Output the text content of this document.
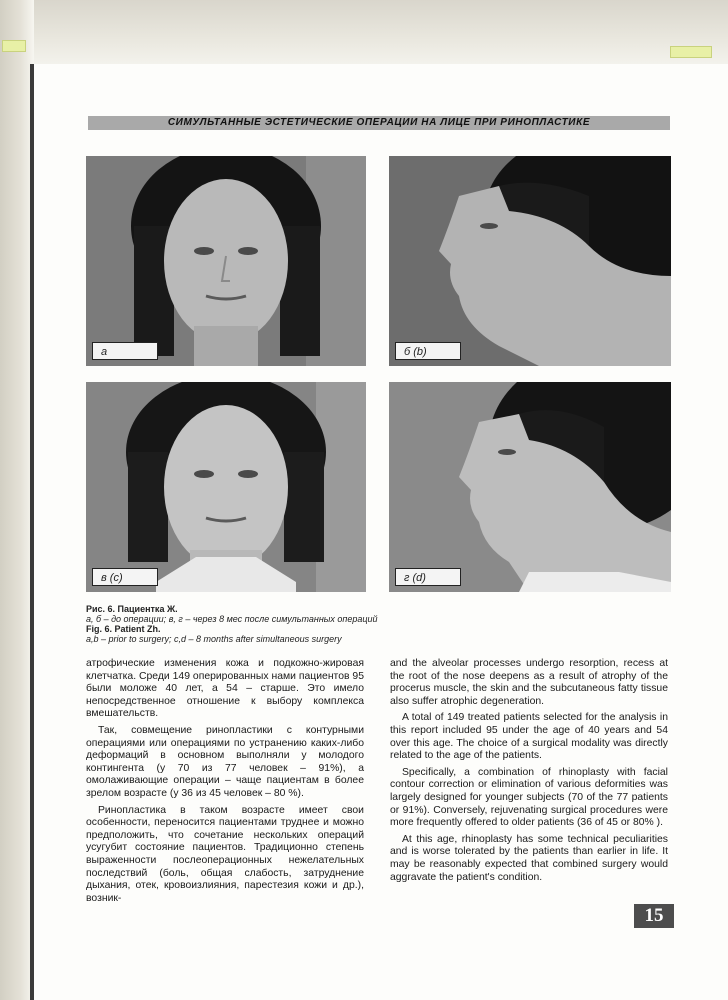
СИМУЛЬТАННЫЕ ЭСТЕТИЧЕСКИЕ ОПЕРАЦИИ НА ЛИЦЕ ПРИ РИНОПЛАСТИКЕ
а	б (b)
в (с)	г (d)
Рис. 6. Пациентка Ж.
а, б – до операции; в, г – через 8 мес после симультанных операций
Fig. 6. Patient Zh.
a,b – prior to surgery; c,d – 8 months after simultaneous surgery

атрофические изменения кожа и подкожно-жировая клетчатка. Среди 149 оперированных нами пациентов 95 были моложе 40 лет, а 54 – старше. Это имело непосредственное отношение к выбору комплекса вмешательств.

Так, совмещение ринопластики с контурными операциями или операциями по устранению каких-либо деформаций в основном выполняли у молодого контингента (у 70 из 77 человек – 91%), а омолаживающие операции – чаще пациентам в более зрелом возрасте (у 36 из 45 человек – 80 %).

Ринопластика в таком возрасте имеет свои особенности, переносится пациентами труднее и можно предположить, что сочетание нескольких операций усугубит состояние пациентов. Традиционно степень выраженности послеоперационных нежелательных последствий (боль, общая слабость, затруднение дыхания, отек, кровоизлияния, парестезия кожи и др.), возник-

and the alveolar processes undergo resorption, recess at the root of the nose deepens as a result of atrophy of the procerus muscle, the skin and the subcutaneous fatty tissue also suffer atrophic degeneration.

A total of 149 treated patients selected for the analysis in this report included 95 under the age of 40 years and 54 over this age. The choice of a surgical modality was directly related to the age of the patients.

Specifically, a combination of rhinoplasty with facial contour correction or elimination of various deformities was largely designed for younger subjects (70 of the 77 patients or 91%). Conversely, rejuvenating surgical procedures were more frequently offered to older patients (36 of 45 or 80% ).

At this age, rhinoplasty has some technical peculiarities and is worse tolerated by the patients than earlier in life. It may be reasonably expected that combined surgery would aggravate the patient's condition.

15
